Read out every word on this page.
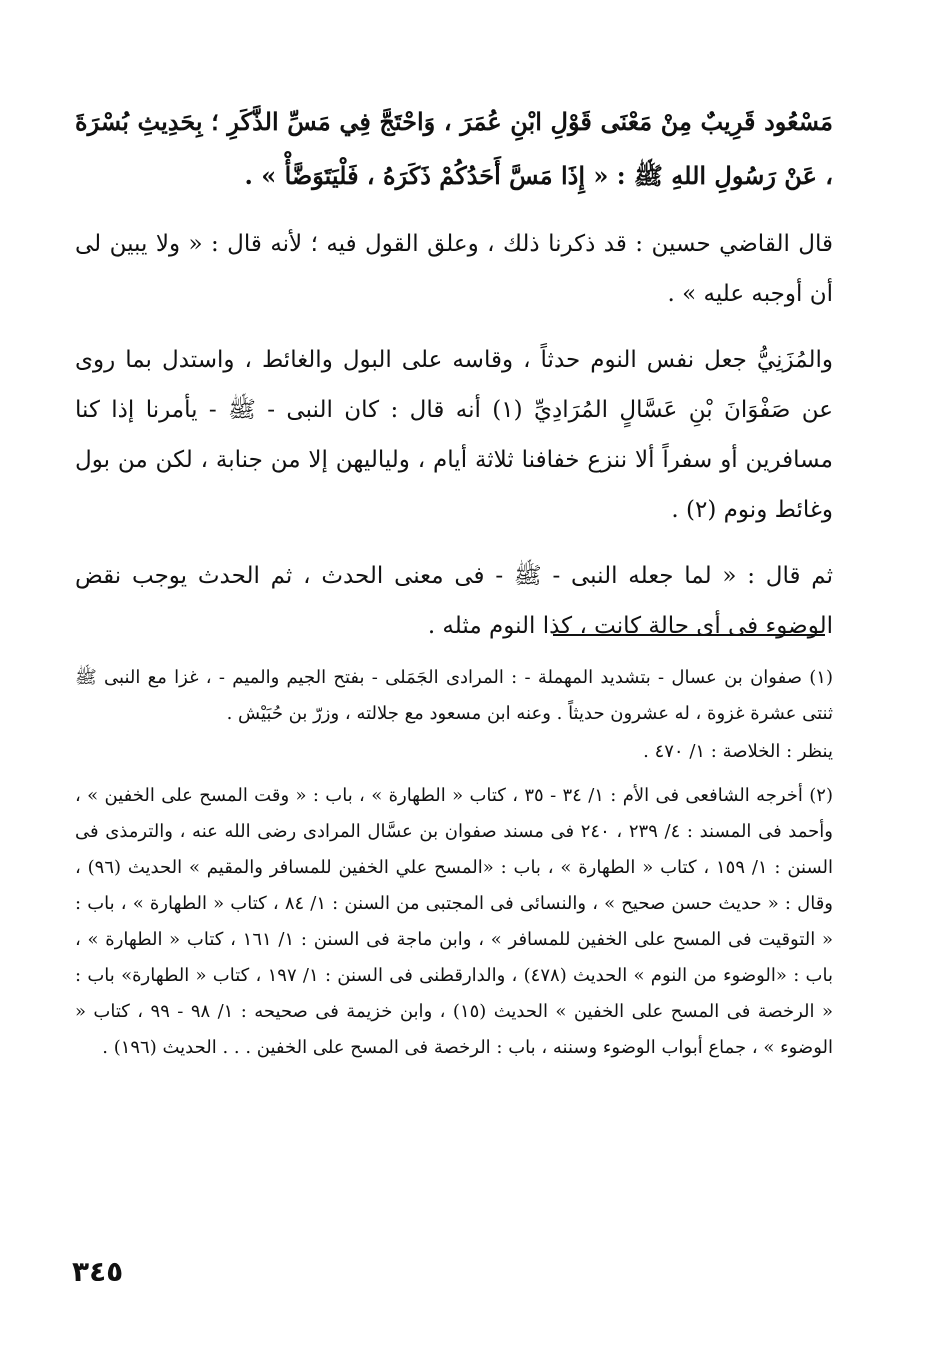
مَسْعُود قَرِيبٌ مِنْ مَعْنَى قَوْلِ ابْنِ عُمَرَ ، وَاحْتَجَّ فِي مَسِّ الذَّكَرِ ؛ بِحَدِيثِ بُسْرَةَ ، عَنْ رَسُولِ اللهِ ﷺ : « إِذَا مَسَّ أَحَدُكُمْ ذَكَرَهُ ، فَلْيَتَوَضَّأْ » .

قال القاضي حسين : قد ذكرنا ذلك ، وعلق القول فيه ؛ لأنه قال : « ولا يبين لى أن أوجبه عليه » .

والمُزَنِيُّ جعل نفس النوم حدثاً ، وقاسه على البول والغائط ، واستدل بما روى عن صَفْوَانَ بْنِ عَسَّالٍ المُرَادِيِّ (١) أنه قال : كان النبى - ﷺ - يأمرنا إذا كنا مسافرين أو سفراً ألا ننزع خفافنا ثلاثة أيام ، ولياليهن إلا من جنابة ، لكن من بول وغائط ونوم (٢) .

ثم قال : « لما جعله النبى - ﷺ - فى معنى الحدث ، ثم الحدث يوجب نقض الوضوء فى أى حالة كانت ، كذا النوم مثله .

(١) صفوان بن عسال - بتشديد المهملة - : المرادى الجَمَلى - بفتح الجيم والميم - ، غزا مع النبى ﷺ ثنتى عشرة غزوة ، له عشرون حديثاً . وعنه ابن مسعود مع جلالته ، وزرّ بن حُبَيْش .

ينظر : الخلاصة : ١/ ٤٧٠ .

(٢) أخرجه الشافعى فى الأم : ١/ ٣٤ - ٣٥ ، كتاب « الطهارة » ، باب : « وقت المسح على الخفين » ، وأحمد فى المسند : ٤/ ٢٣٩ ، ٢٤٠ فى مسند صفوان بن عسَّال المرادى رضى الله عنه ، والترمذى فى السنن : ١/ ١٥٩ ، كتاب « الطهارة » ، باب : «المسح علي الخفين للمسافر والمقيم » الحديث (٩٦) ، وقال : « حديث حسن صحيح » ، والنسائى فى المجتبى من السنن : ١/ ٨٤ ، كتاب « الطهارة » ، باب : « التوقيت فى المسح على الخفين للمسافر » ، وابن ماجة فى السنن : ١/ ١٦١ ، كتاب « الطهارة » ، باب : «الوضوء من النوم » الحديث (٤٧٨) ، والدارقطنى فى السنن : ١/ ١٩٧ ، كتاب « الطهارة» باب : « الرخصة فى المسح على الخفين » الحديث (١٥) ، وابن خزيمة فى صحيحه : ١/ ٩٨ - ٩٩ ، كتاب « الوضوء » ، جماع أبواب الوضوء وسننه ، باب : الرخصة فى المسح على الخفين . . . الحديث (١٩٦) .

٣٤٥
